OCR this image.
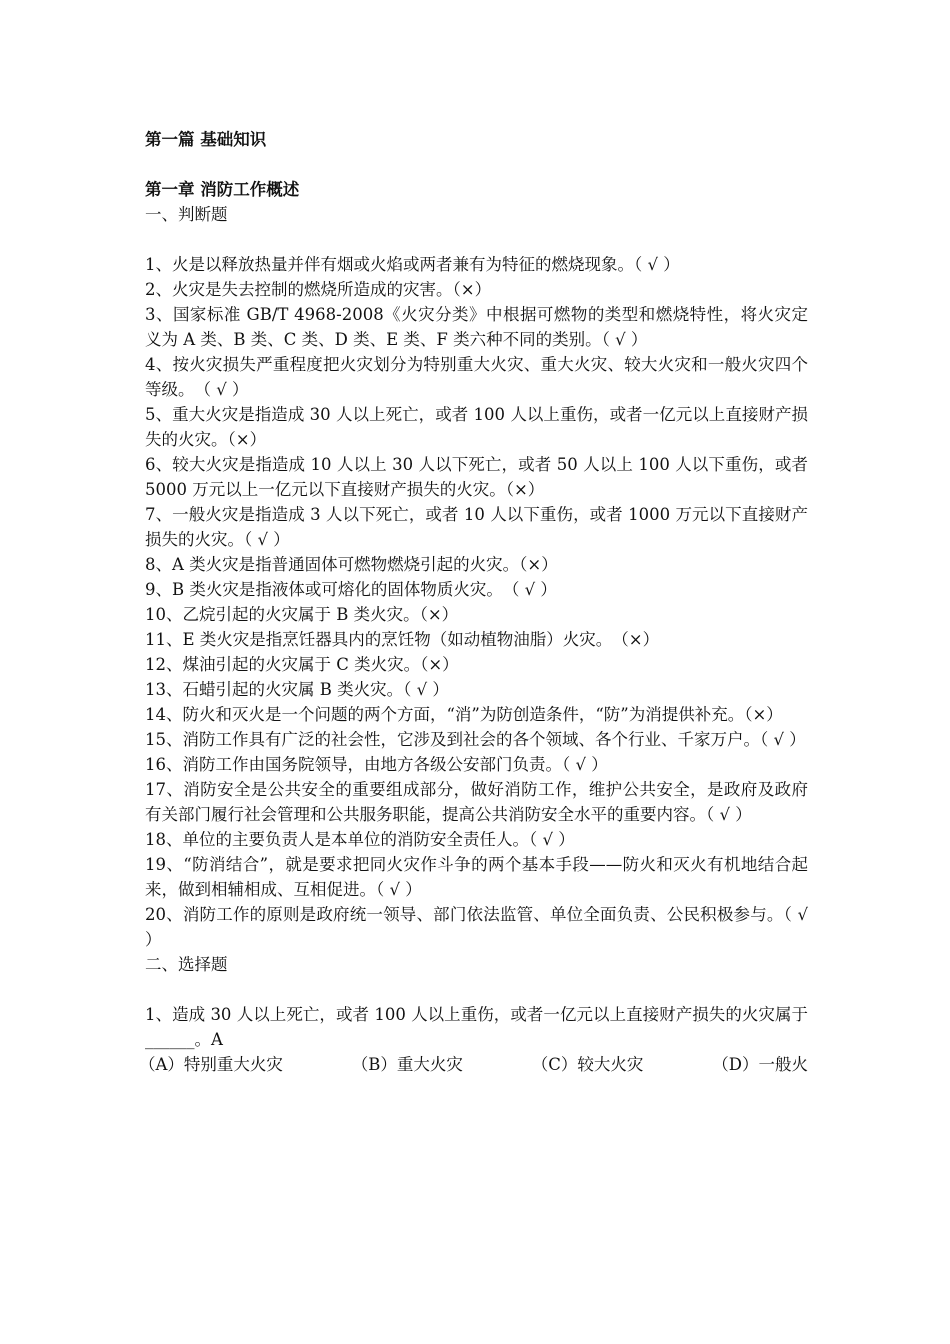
第一篇 基础知识

第一章 消防工作概述

一、判断题

1、火是以释放热量并伴有烟或火焰或两者兼有为特征的燃烧现象。（ √ ）

2、火灾是失去控制的燃烧所造成的灾害。（×）

3、国家标准 GB/T 4968-2008《火灾分类》中根据可燃物的类型和燃烧特性，将火灾定义为 A 类、B 类、C 类、D 类、E 类、F 类六种不同的类别。（ √ ）

4、按火灾损失严重程度把火灾划分为特别重大火灾、重大火灾、较大火灾和一般火灾四个等级。　（ √ ）

5、重大火灾是指造成 30 人以上死亡，或者 100 人以上重伤，或者一亿元以上直接财产损失的火灾。（×）

6、较大火灾是指造成 10 人以上 30 人以下死亡，或者 50 人以上 100 人以下重伤，或者 5000 万元以上一亿元以下直接财产损失的火灾。（×）

7、一般火灾是指造成 3 人以下死亡，或者 10 人以下重伤，或者 1000 万元以下直接财产损失的火灾。（ √ ）

8、A 类火灾是指普通固体可燃物燃烧引起的火灾。（×）

9、B 类火灾是指液体或可熔化的固体物质火灾。　（ √ ）

10、乙烷引起的火灾属于 B 类火灾。（×）

11、E 类火灾是指烹饪器具内的烹饪物（如动植物油脂）火灾。　（×）

12、煤油引起的火灾属于 C 类火灾。（×）

13、石蜡引起的火灾属 B 类火灾。（ √ ）

14、防火和灭火是一个问题的两个方面，“消”为防创造条件，“防”为消提供补充。（×）

15、消防工作具有广泛的社会性，它涉及到社会的各个领域、各个行业、千家万户。（ √ ）

16、消防工作由国务院领导，由地方各级公安部门负责。（ √ ）

17、消防安全是公共安全的重要组成部分，做好消防工作，维护公共安全，是政府及政府有关部门履行社会管理和公共服务职能，提高公共消防安全水平的重要内容。（ √ ）

18、单位的主要负责人是本单位的消防安全责任人。（ √ ）

19、“防消结合”，就是要求把同火灾作斗争的两个基本手段——防火和灭火有机地结合起来，做到相辅相成、互相促进。（ √ ）

20、消防工作的原则是政府统一领导、部门依法监管、单位全面负责、公民积极参与。（ √ ）

二、选择题

1、造成 30 人以上死亡，或者 100 人以上重伤，或者一亿元以上直接财产损失的火灾属于______。A

（A）特别重大火灾	（B）重大火灾	（C）较大火灾	（D）一般火
